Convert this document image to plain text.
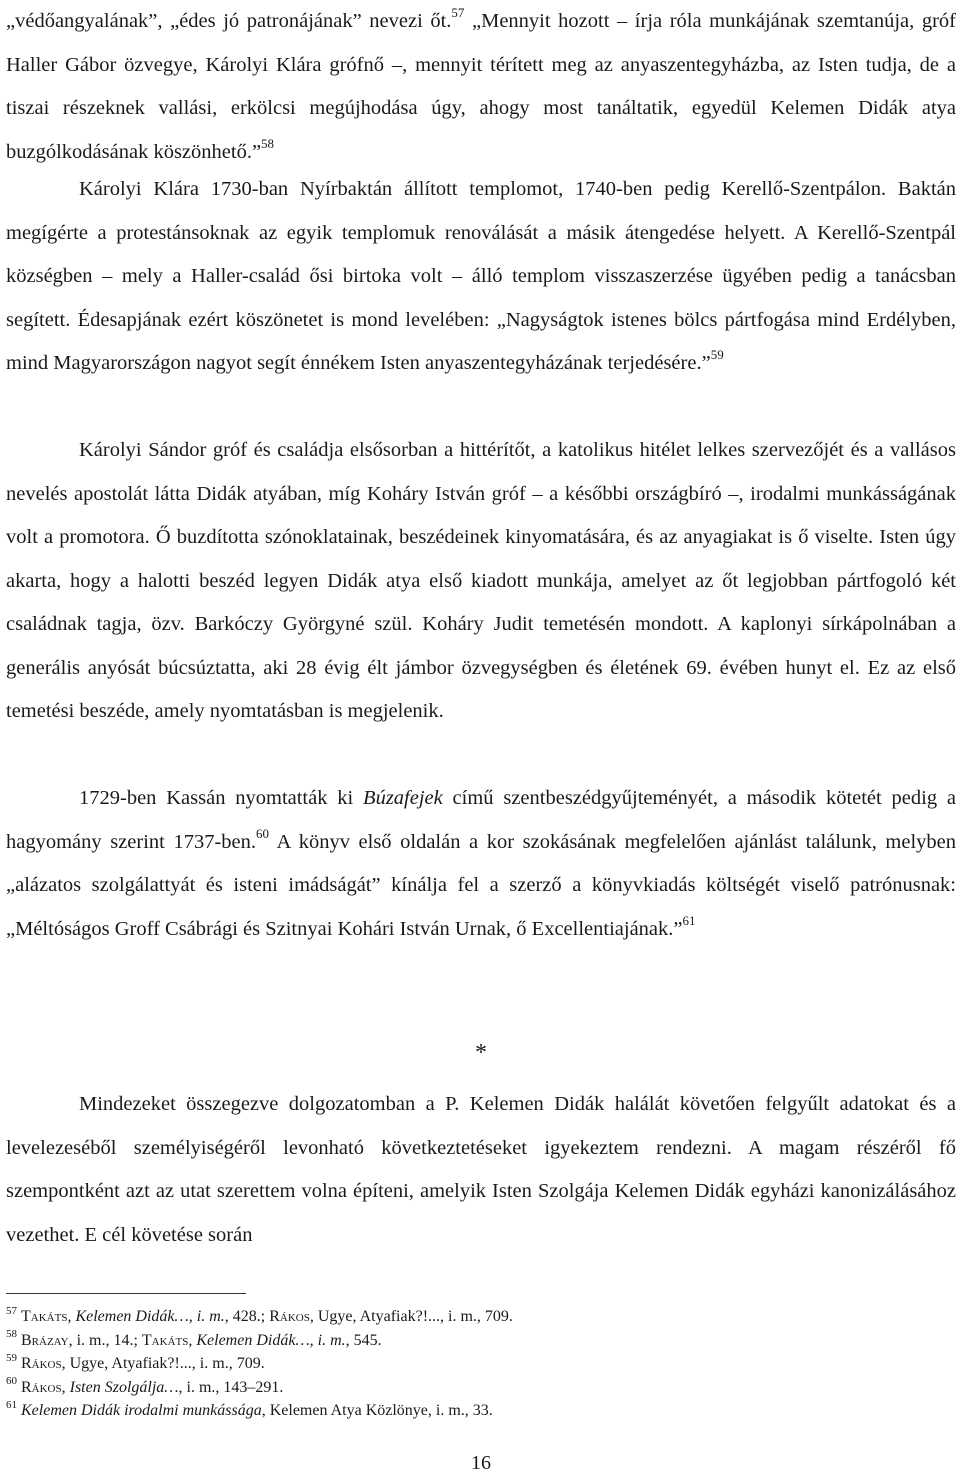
„védőangyalának”, „édes jó patronájának” nevezi őt.$^{57}$ „Mennyit hozott – írja róla munkájának szemtanúja, gróf Haller Gábor özvegye, Károlyi Klára grófnő –, mennyit térített meg az anyaszentegyházba, az Isten tudja, de a tiszai részeknek vallási, erkölcsi megújhodása úgy, ahogy most tanáltatik, egyedül Kelemen Didák atya buzgólkodásának köszönhető.”$^{58}$

Károlyi Klára 1730-ban Nyírbaktán állított templomot, 1740-ben pedig Kerellő-Szentpálon. Baktán megígérte a protestánsoknak az egyik templomuk renoválását a másik átengedése helyett. A Kerellő-Szentpál községben – mely a Haller-család ősi birtoka volt – álló templom visszaszerzése ügyében pedig a tanácsban segített. Édesapjának ezért köszönetet is mond levelében: „Nagyságtok istenes bölcs pártfogása mind Erdélyben, mind Magyarországon nagyot segít énnékem Isten anyaszentegyházának terjedésére.”$^{59}$

Károlyi Sándor gróf és családja elsősorban a hittérítőt, a katolikus hitélet lelkes szervezőjét és a vallásos nevelés apostolát látta Didák atyában, míg Koháry István gróf – a későbbi országbíró –, irodalmi munkásságának volt a promotora. Ő buzdította szónoklatainak, beszédeinek kinyomatására, és az anyagiakat is ő viselte. Isten úgy akarta, hogy a halotti beszéd legyen Didák atya első kiadott munkája, amelyet az őt legjobban pártfogoló két családnak tagja, özv. Barkóczy Györgyné szül. Koháry Judit temetésén mondott. A kaplonyi sírkápolnában a generális anyósát búcsúztatta, aki 28 évig élt jámbor özvegységben és életének 69. évében hunyt el. Ez az első temetési beszéde, amely nyomtatásban is megjelenik.

1729-ben Kassán nyomtatták ki Búzafejek című szentbeszédgyűjteményét, a második kötetét pedig a hagyomány szerint 1737-ben.$^{60}$ A könyv első oldalán a kor szokásának megfelelően ajánlást találunk, melyben „alázatos szolgálattyát és isteni imádságát” kínálja fel a szerző a könyvkiadás költségét viselő patrónusnak: „Méltóságos Groff Csábrági és Szitnyai Kohári István Urnak, ő Excellentiajának.”$^{61}$

*

Mindezeket összegezve dolgozatomban a P. Kelemen Didák halálát követően felgyűlt adatokat és a levelezeséből személyiségéről levonható következtetéseket igyekeztem rendezni. A magam részéről fő szempontként azt az utat szerettem volna építeni, amelyik Isten Szolgája Kelemen Didák egyházi kanonizálásához vezethet. E cél követése során

$^{57}$ Takáts, Kelemen Didák…, i. m., 428.; Rákos, Ugye, Atyafiak?!..., i. m., 709.
$^{58}$ Brázay, i. m., 14.; Takáts, Kelemen Didák…, i. m., 545.
$^{59}$ Rákos, Ugye, Atyafiak?!..., i. m., 709.
$^{60}$ Rákos, Isten Szolgálja…, i. m., 143–291.
$^{61}$ Kelemen Didák irodalmi munkássága, Kelemen Atya Közlönye, i. m., 33.
16
